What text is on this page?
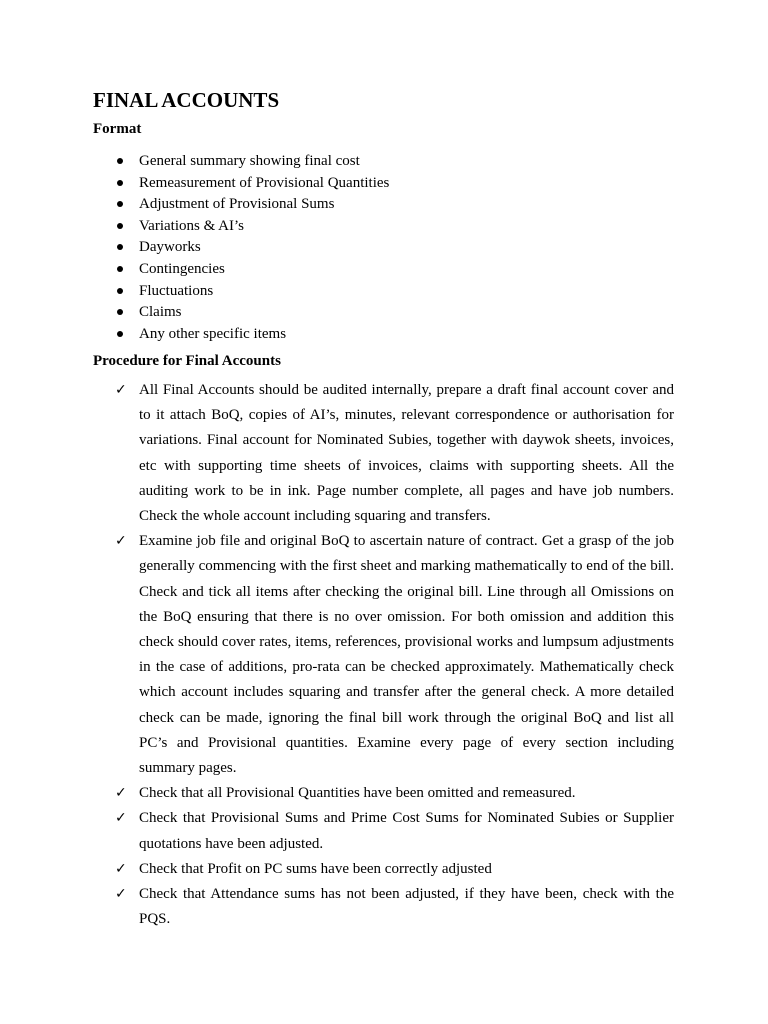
FINAL ACCOUNTS
Format
General summary showing final cost
Remeasurement of Provisional Quantities
Adjustment of Provisional Sums
Variations & AI’s
Dayworks
Contingencies
Fluctuations
Claims
Any other specific items
Procedure for Final Accounts
✓ All Final Accounts should be audited internally, prepare a draft final account cover and to it attach BoQ, copies of AI’s, minutes, relevant correspondence or authorisation for variations. Final account for Nominated Subies, together with daywok sheets, invoices, etc with supporting time sheets of invoices, claims with supporting sheets. All the auditing work to be in ink. Page number complete, all pages and have job numbers. Check the whole account including squaring and transfers.
✓ Examine job file and original BoQ to ascertain nature of contract. Get a grasp of the job generally commencing with the first sheet and marking mathematically to end of the bill. Check and tick all items after checking the original bill. Line through all Omissions on the BoQ ensuring that there is no over omission. For both omission and addition this check should cover rates, items, references, provisional works and lumpsum adjustments in the case of additions, pro-rata can be checked approximately. Mathematically check which account includes squaring and transfer after the general check. A more detailed check can be made, ignoring the final bill work through the original BoQ and list all PC’s and Provisional quantities. Examine every page of every section including summary pages.
✓ Check that all Provisional Quantities have been omitted and remeasured.
✓ Check that Provisional Sums and Prime Cost Sums for Nominated Subies or Supplier quotations have been adjusted.
✓ Check that Profit on PC sums have been correctly adjusted
✓ Check that Attendance sums has not been adjusted, if they have been, check with the PQS.
